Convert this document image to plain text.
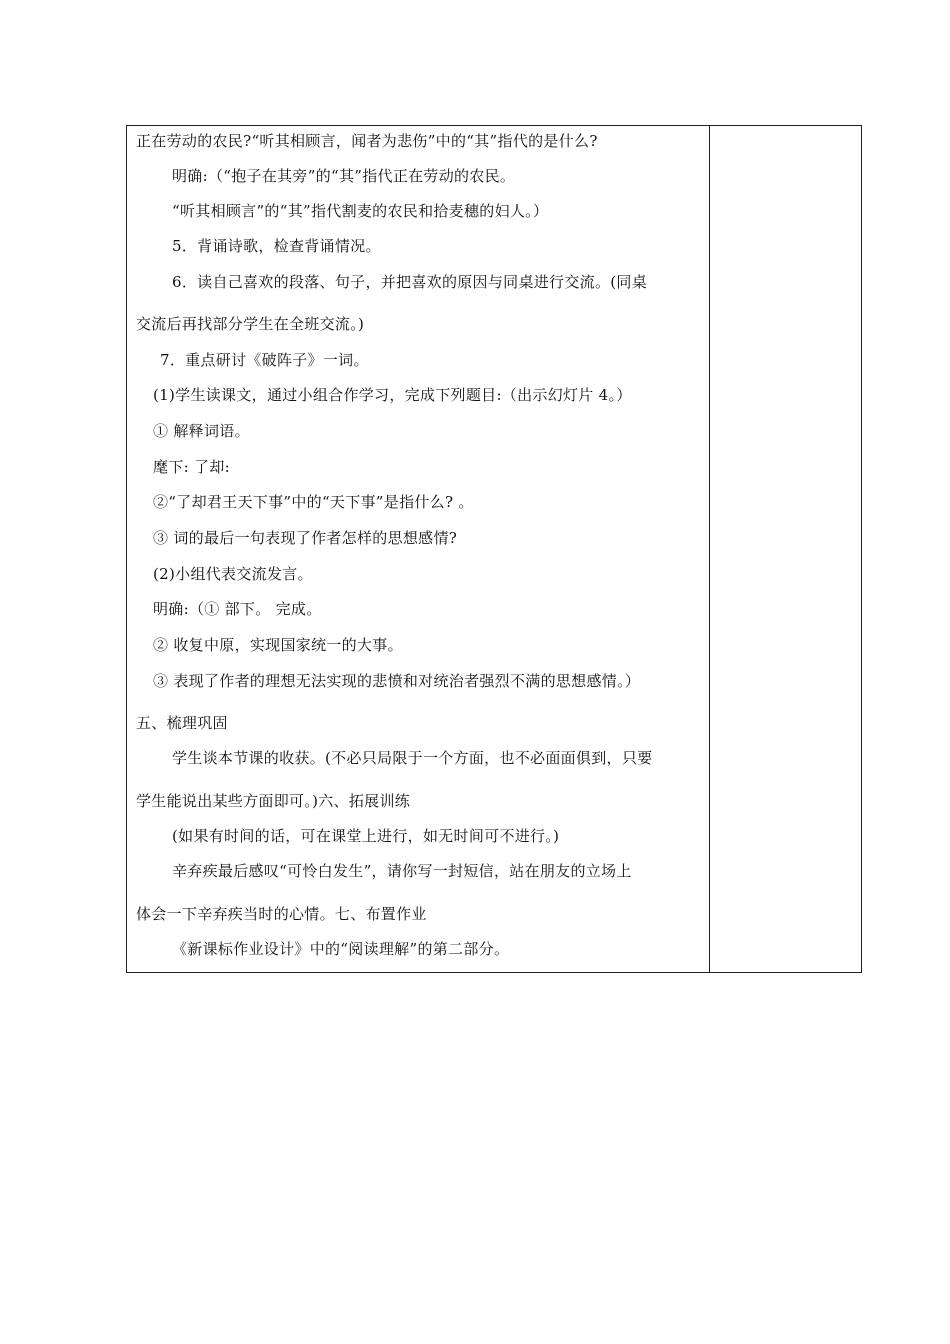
正在劳动的农民?“听其相顾言，闻者为悲伤”中的“其”指代的是什么?
明确:（“抱子在其旁”的“其”指代正在劳动的农民。
“听其相顾言”的“其”指代割麦的农民和拾麦穗的妇人。）
5．背诵诗歌，检查背诵情况。
6．读自己喜欢的段落、句子，并把喜欢的原因与同桌进行交流。(同桌
交流后再找部分学生在全班交流。)
7．重点研讨《破阵子》一词。
(1)学生读课文，通过小组合作学习，完成下列题目:（出示幻灯片 4。）
① 解释词语。
麾下: 了却:
②“了却君王天下事”中的“天下事”是指什么? 。
③ 词的最后一句表现了作者怎样的思想感情?
(2)小组代表交流发言。
明确:（① 部下。 完成。
② 收复中原，实现国家统一的大事。
③ 表现了作者的理想无法实现的悲愤和对统治者强烈不满的思想感情。）
五、梳理巩固
学生谈本节课的收获。(不必只局限于一个方面，也不必面面俱到，只要
学生能说出某些方面即可。)六、拓展训练
(如果有时间的话，可在课堂上进行，如无时间可不进行。)
辛弃疾最后感叹“可怜白发生”，请你写一封短信，站在朋友的立场上
体会一下辛弃疾当时的心情。七、布置作业
《新课标作业设计》中的“阅读理解”的第二部分。
